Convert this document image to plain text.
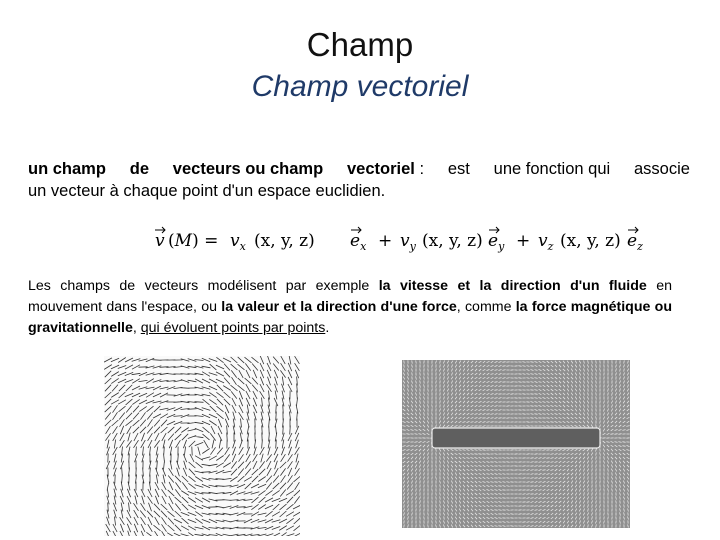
Champ
Champ vectoriel
un champ de vecteurs ou champ vectoriel : est une fonction qui associe
un vecteur à chaque point d'un espace euclidien.
v $(M) = v_x$ (x, y, z) $e_x + v_y$ (x, y, z) $e_y + v_z$ (x, y, z) $e_z$
Les champs de vecteurs modélisent par exemple la vitesse et la direction d'un fluide en mouvement dans l'espace, ou la valeur et la direction d'une force, comme la force magnétique ou gravitationnelle, qui évoluent points par points.
